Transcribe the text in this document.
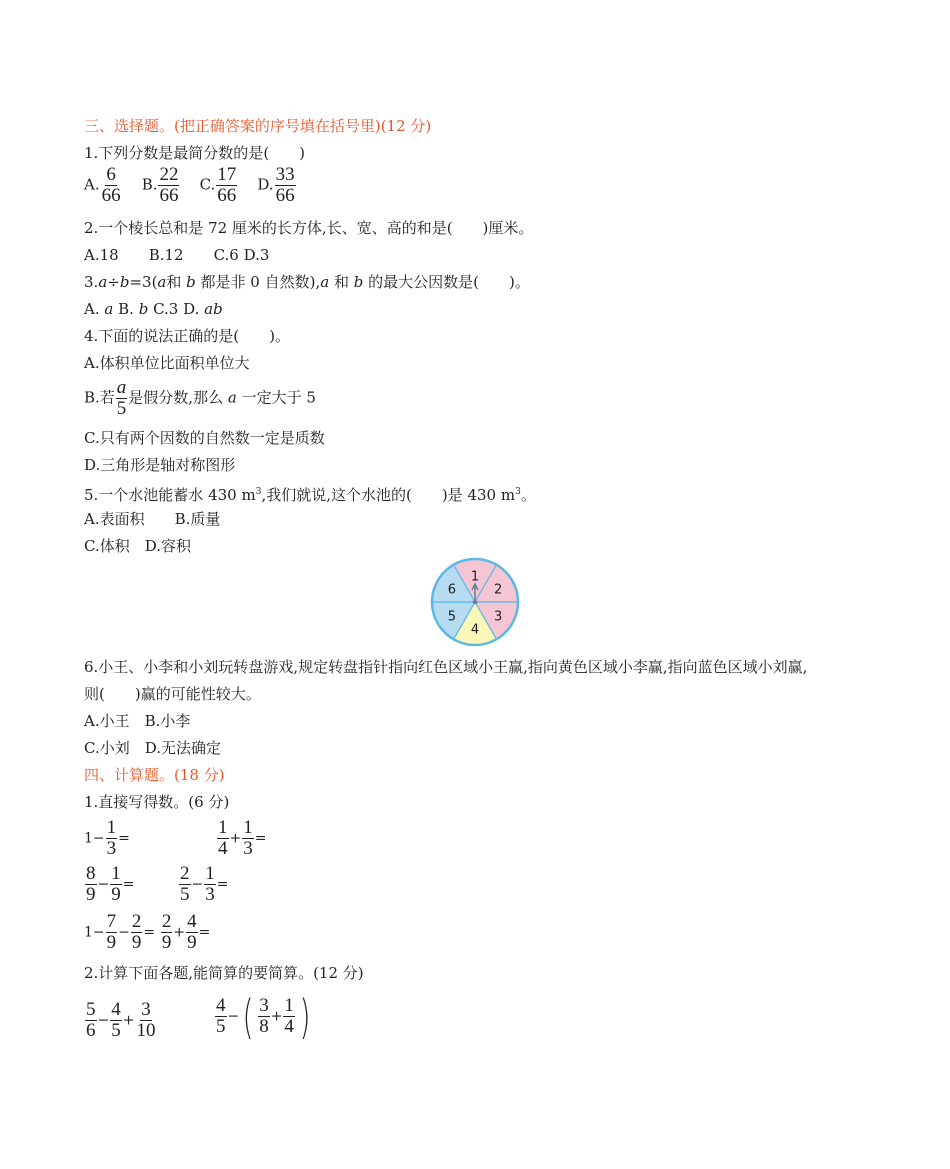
三、选择题。(把正确答案的序号填在括号里)(12 分)
1.下列分数是最简分数的是(　　)
A. $\frac{6}{66} B$. $\frac{22}{66} C$. $\frac{17}{66} D$. $\frac{33}{66}$
2.一个棱长总和是 72 厘米的长方体,长、宽、高的和是(　　)厘米。
A.18　　B.12　　C.6 D.3
3.a÷b=3(a和 b 都是非 0 自然数),a 和 b 的最大公因数是(　　)。
A. a B. b C.3 D. ab
4.下面的说法正确的是(　　)。
A.体积单位比面积单位大
B.若 $\frac{a}{5}$ 是假分数,那么 a 一定大于 5
C.只有两个因数的自然数一定是质数
D.三角形是轴对称图形
5.一个水池能蓄水 430 $m^3$,我们就说,这个水池的(　　)是 430 $m^3$。
A.表面积　　B.质量
C.体积　D.容积
1
2
3
4
5
6
6.小王、小李和小刘玩转盘游戏,规定转盘指针指向红色区域小王赢,指向黄色区域小李赢,指向蓝色区域小刘赢,
则(　　)赢的可能性较大。
A.小王　B.小李
C.小刘　D.无法确定
四、计算题。(18 分)
1.直接写得数。(6 分)
$1- \frac{1}{3}$ =	$\frac{1}{4} + \frac{1}{3}$ =
$\frac{8}{9} - \frac{1}{9} = \frac{2}{5} - \frac{1}{3}$ =
$1- \frac{7}{9} - \frac{2}{9} = \frac{2}{9} + \frac{4}{9}$ =
2.计算下面各题,能简算的要简算。(12 分)
$\frac{5}{6} - \frac{4}{5} + \frac{3}{10}$	$\frac{4}{5}$ −( $\frac{3}{8} + \frac{1}{4}$ )
